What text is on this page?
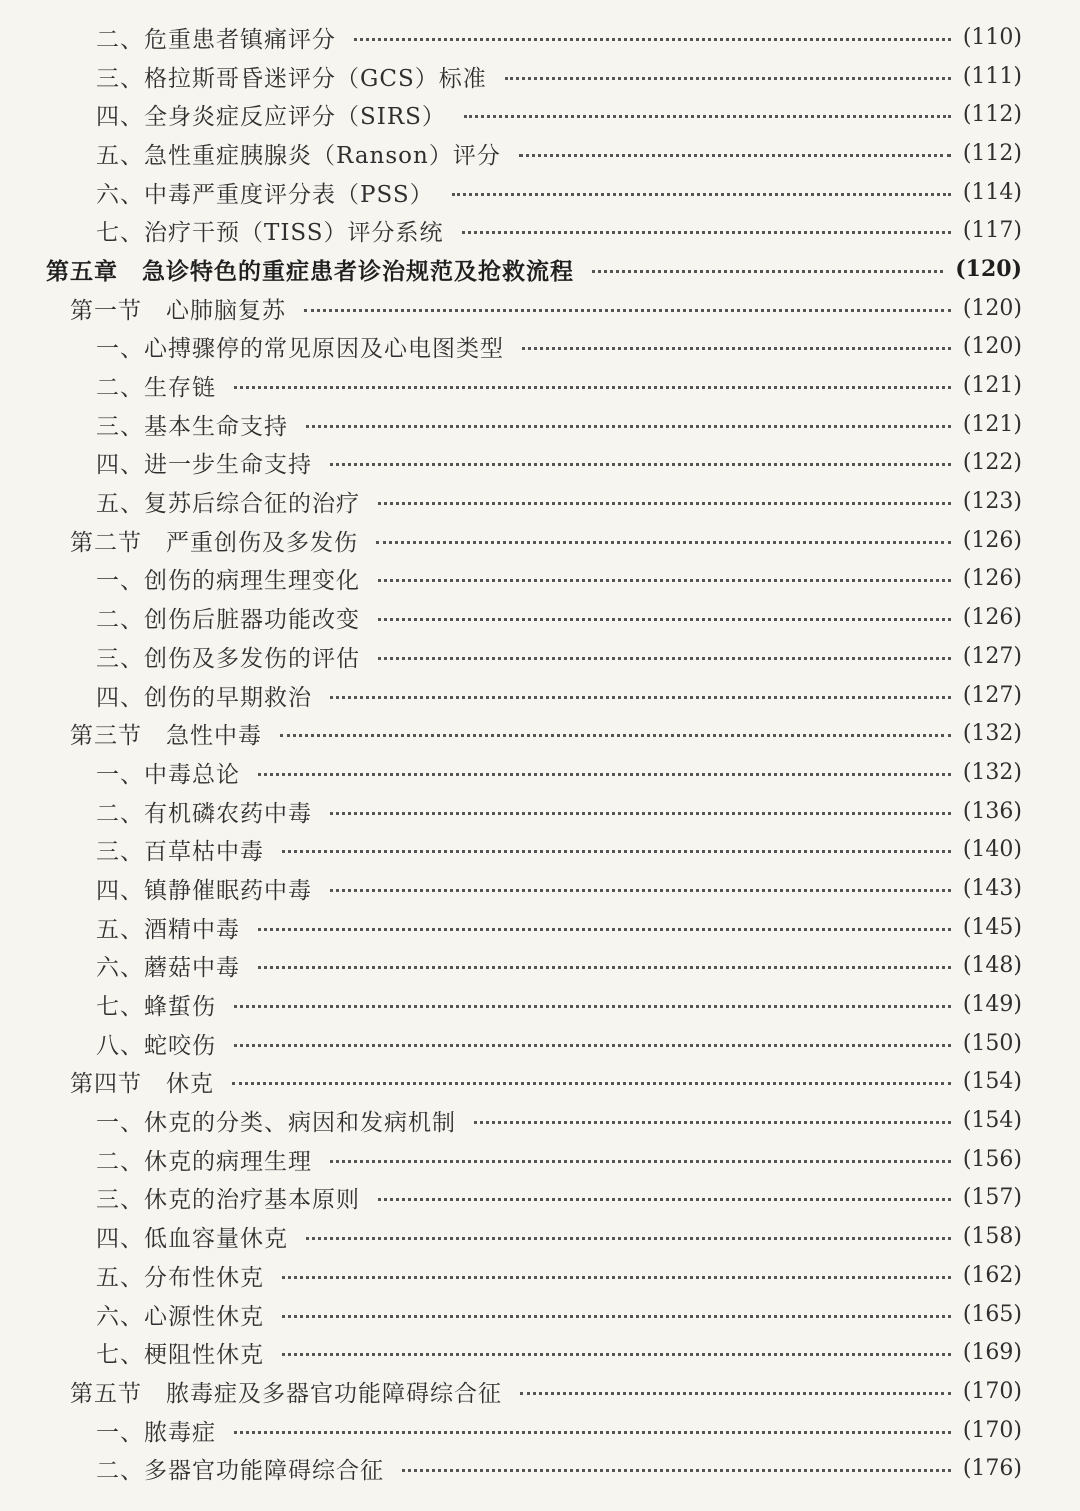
二、危重患者镇痛评分	(110)
三、格拉斯哥昏迷评分（GCS）标准	(111)
四、全身炎症反应评分（SIRS）	(112)
五、急性重症胰腺炎（Ranson）评分	(112)
六、中毒严重度评分表（PSS）	(114)
七、治疗干预（TISS）评分系统	(117)
第五章　急诊特色的重症患者诊治规范及抢救流程	(120)
第一节　心肺脑复苏	(120)
一、心搏骤停的常见原因及心电图类型	(120)
二、生存链	(121)
三、基本生命支持	(121)
四、进一步生命支持	(122)
五、复苏后综合征的治疗	(123)
第二节　严重创伤及多发伤	(126)
一、创伤的病理生理变化	(126)
二、创伤后脏器功能改变	(126)
三、创伤及多发伤的评估	(127)
四、创伤的早期救治	(127)
第三节　急性中毒	(132)
一、中毒总论	(132)
二、有机磷农药中毒	(136)
三、百草枯中毒	(140)
四、镇静催眠药中毒	(143)
五、酒精中毒	(145)
六、蘑菇中毒	(148)
七、蜂蜇伤	(149)
八、蛇咬伤	(150)
第四节　休克	(154)
一、休克的分类、病因和发病机制	(154)
二、休克的病理生理	(156)
三、休克的治疗基本原则	(157)
四、低血容量休克	(158)
五、分布性休克	(162)
六、心源性休克	(165)
七、梗阻性休克	(169)
第五节　脓毒症及多器官功能障碍综合征	(170)
一、脓毒症	(170)
二、多器官功能障碍综合征	(176)
